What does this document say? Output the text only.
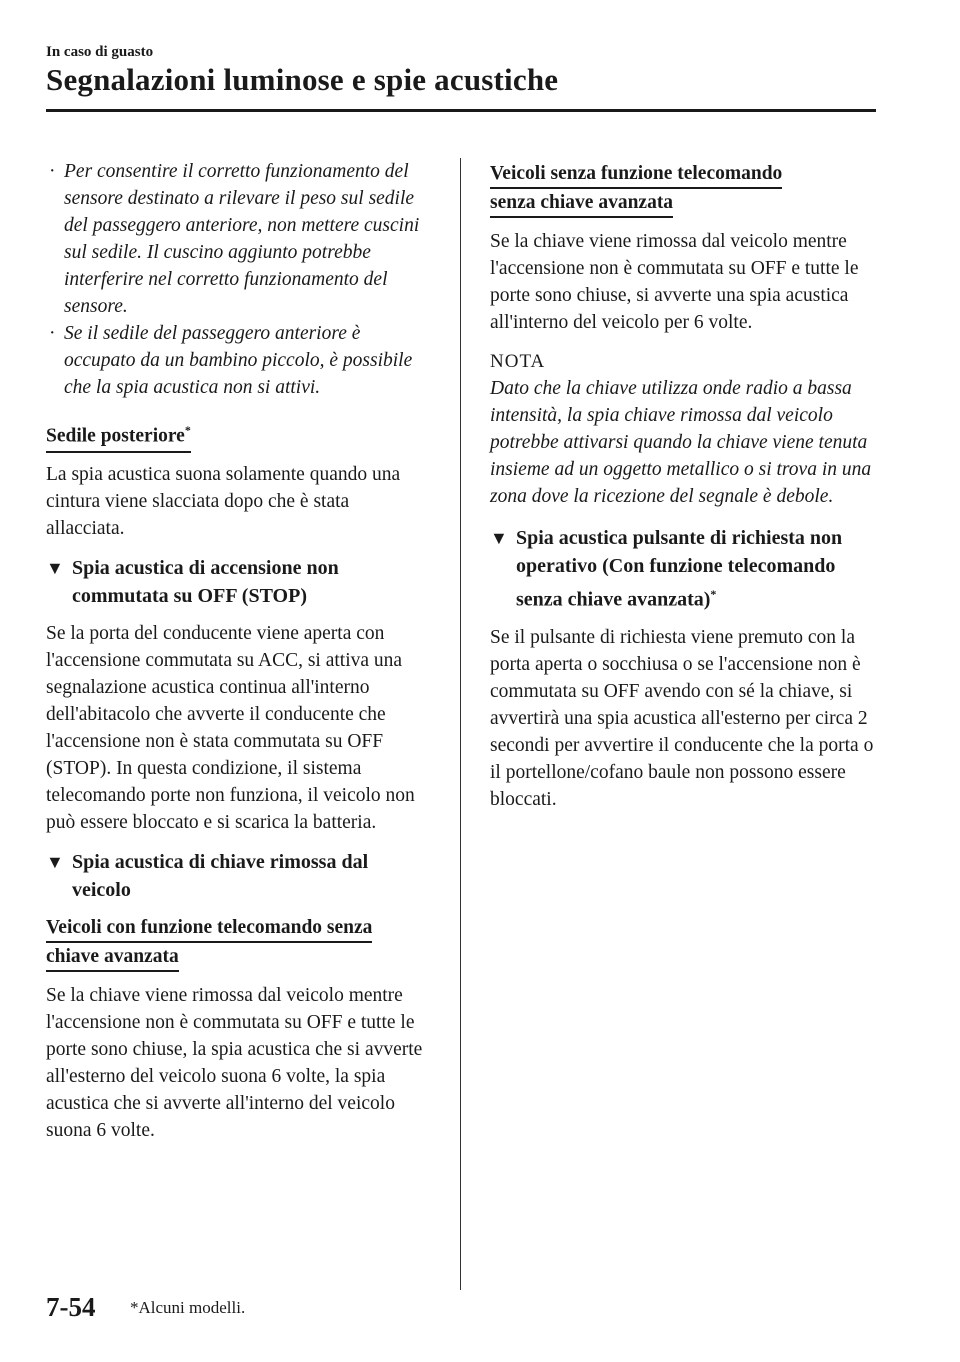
In caso di guasto
Segnalazioni luminose e spie acustiche
· Per consentire il corretto funzionamento del sensore destinato a rilevare il peso sul sedile del passeggero anteriore, non mettere cuscini sul sedile. Il cuscino aggiunto potrebbe interferire nel corretto funzionamento del sensore.
· Se il sedile del passeggero anteriore è occupato da un bambino piccolo, è possibile che la spia acustica non si attivi.
Sedile posteriore*

La spia acustica suona solamente quando una cintura viene slacciata dopo che è stata allacciata.

▼ Spia acustica di accensione non commutata su OFF (STOP)

Se la porta del conducente viene aperta con l'accensione commutata su ACC, si attiva una segnalazione acustica continua all'interno dell'abitacolo che avverte il conducente che l'accensione non è stata commutata su OFF (STOP). In questa condizione, il sistema telecomando porte non funziona, il veicolo non può essere bloccato e si scarica la batteria.

▼ Spia acustica di chiave rimossa dal veicolo
Veicoli con funzione telecomando senza
chiave avanzata

Se la chiave viene rimossa dal veicolo mentre l'accensione non è commutata su OFF e tutte le porte sono chiuse, la spia acustica che si avverte all'esterno del veicolo suona 6 volte, la spia acustica che si avverte all'interno del veicolo suona 6 volte.

Veicoli senza funzione telecomando
senza chiave avanzata

Se la chiave viene rimossa dal veicolo mentre l'accensione non è commutata su OFF e tutte le porte sono chiuse, si avverte una spia acustica all'interno del veicolo per 6 volte.

NOTA

Dato che la chiave utilizza onde radio a bassa intensità, la spia chiave rimossa dal veicolo potrebbe attivarsi quando la chiave viene tenuta insieme ad un oggetto metallico o si trova in una zona dove la ricezione del segnale è debole.

▼ Spia acustica pulsante di richiesta non operativo (Con funzione telecomando senza chiave avanzata)*

Se il pulsante di richiesta viene premuto con la porta aperta o socchiusa o se l'accensione non è commutata su OFF avendo con sé la chiave, si avvertirà una spia acustica all'esterno per circa 2 secondi per avvertire il conducente che la porta o il portellone/cofano baule non possono essere bloccati.

7-54 *Alcuni modelli.
